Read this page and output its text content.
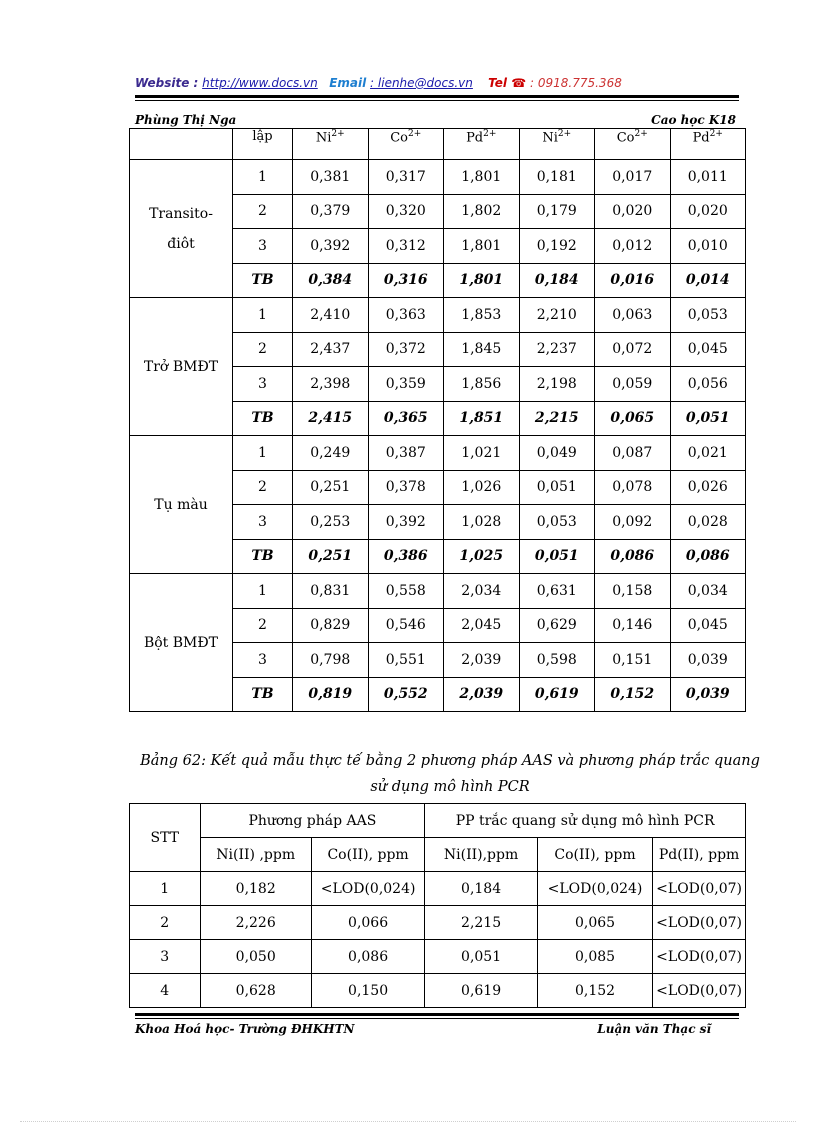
Website : http://www.docs.vn Email : lienhe@docs.vn Tel ☎ : 0918.775.368
Phùng Thị Nga	Cao học K18
	lập	$Ni^{2+}$	$Co^{2+}$	$Pd^{2+}$	$Ni^{2+}$	$Co^{2+}$	$Pd^{2+}$
Transito-
điôt	1	0,381	0,317	1,801	0,181	0,017	0,011
	2	0,379	0,320	1,802	0,179	0,020	0,020
	3	0,392	0,312	1,801	0,192	0,012	0,010
	TB	0,384	0,316	1,801	0,184	0,016	0,014
Trở BMĐT	1	2,410	0,363	1,853	2,210	0,063	0,053
	2	2,437	0,372	1,845	2,237	0,072	0,045
	3	2,398	0,359	1,856	2,198	0,059	0,056
	TB	2,415	0,365	1,851	2,215	0,065	0,051
Tụ màu	1	0,249	0,387	1,021	0,049	0,087	0,021
	2	0,251	0,378	1,026	0,051	0,078	0,026
	3	0,253	0,392	1,028	0,053	0,092	0,028
	TB	0,251	0,386	1,025	0,051	0,086	0,086
Bột BMĐT	1	0,831	0,558	2,034	0,631	0,158	0,034
	2	0,829	0,546	2,045	0,629	0,146	0,045
	3	0,798	0,551	2,039	0,598	0,151	0,039
	TB	0,819	0,552	2,039	0,619	0,152	0,039
Bảng 62: Kết quả mẫu thực tế bằng 2 phương pháp AAS và phương pháp trắc quang sử dụng mô hình PCR
STT	Phương pháp AAS		PP trắc quang sử dụng mô hình PCR		
	Ni(II) ,ppm	Co(II), ppm	Ni(II),ppm	Co(II), ppm	Pd(II), ppm
1	0,182	<LOD(0,024)	0,184	<LOD(0,024)	<LOD(0,07)
2	2,226	0,066	2,215	0,065	<LOD(0,07)
3	0,050	0,086	0,051	0,085	<LOD(0,07)
4	0,628	0,150	0,619	0,152	<LOD(0,07)
Khoa Hoá học- Trường ĐHKHTN	Luận văn Thạc sĩ
